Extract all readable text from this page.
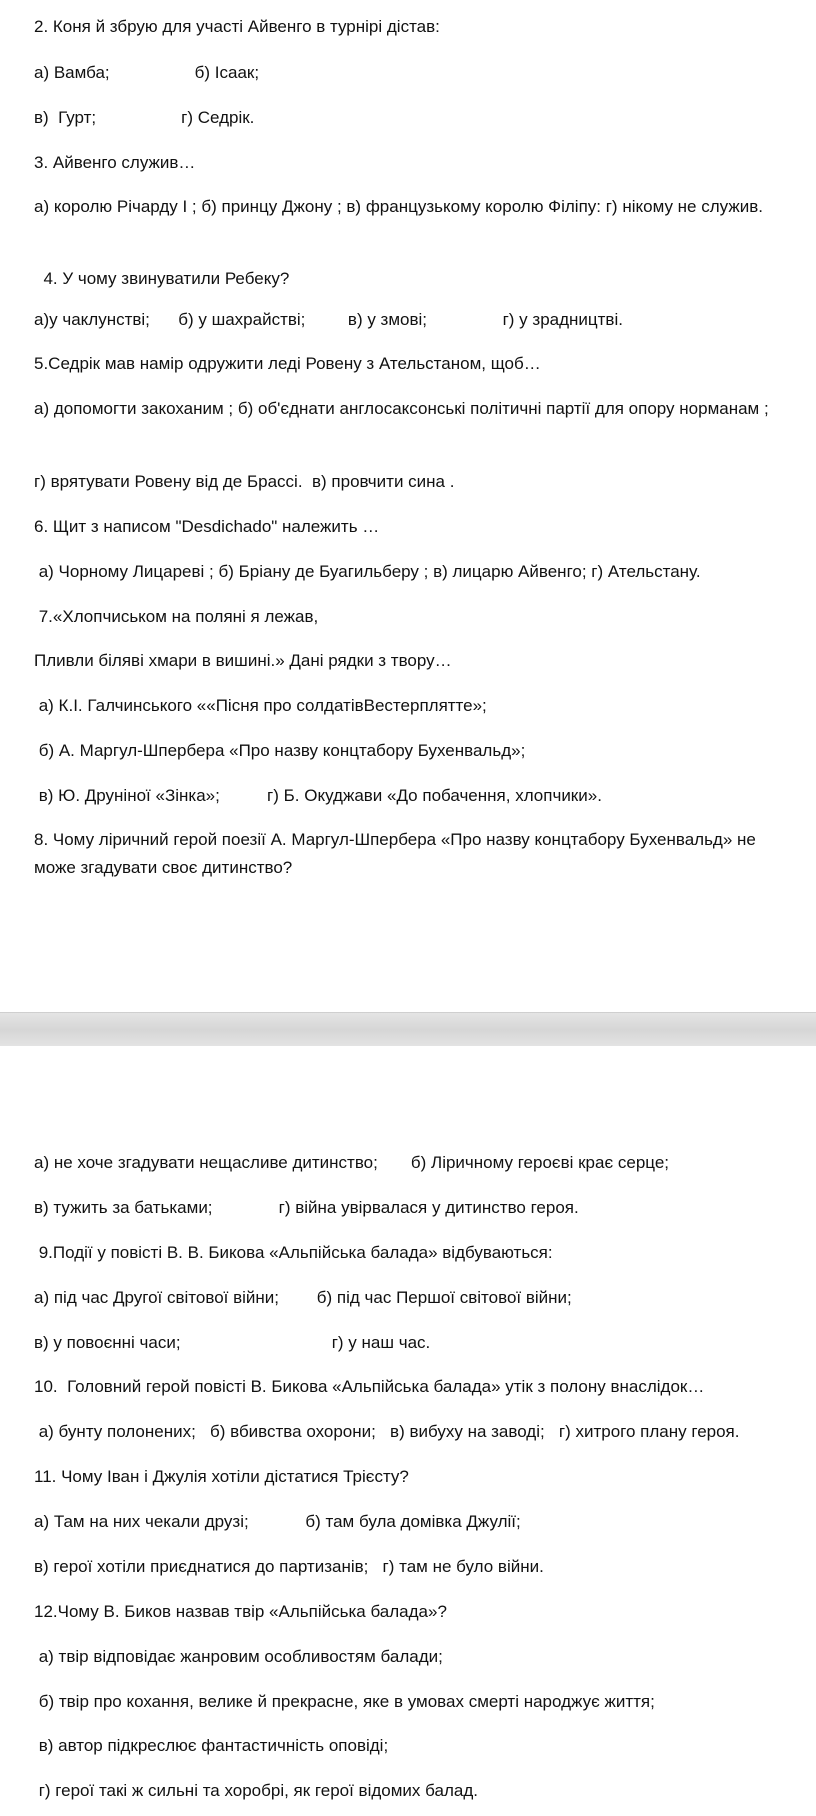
2. Коня й збрую для участі Айвенго в турнірі дістав:

а) Вамба;                  б) Ісаак;

в)  Гурт;                  г) Седрік.

3. Айвенго служив…

а) королю Річарду І ; б) принцу Джону ; в) французькому королю Філіпу: г) нікому не служив.

4. У чому звинуватили Ребеку?

а)у чаклунстві;      б) у шахрайстві;         в) у змові;                г) у зрадництві.

5.Седрік мав намір одружити леді Ровену з Ательстаном, щоб…

а) допомогти закоханим ; б) об'єднати англосаксонські політичні партії для опору норманам ;

г) врятувати Ровену від де Брассі.  в) провчити сина .

6. Щит з написом "Desdichado" належить …

а) Чорному Лицареві ; б) Бріану де Буагильберу ; в) лицарю Айвенго; г) Ательстану.

7.«Хлопчиськом на поляні я лежав,

Пливли біляві хмари в вишині.» Дані рядки з твору…

а) К.І. Галчинського ««Пісня про солдатівВестерплятте»;

б) А. Маргул-Шпербера «Про назву концтабору Бухенвальд»;

в) Ю. Друнiної «Зінка»;          г) Б. Окуджави «До побачення, хлопчики».

8. Чому ліричний герой поезії А. Маргул-Шпербера «Про назву концтабору Бухенвальд» не може згадувати своє дитинство?

а) не хоче згадувати нещасливе дитинство;       б) Ліричному героєві крає серце;

в) тужить за батьками;              г) війна увірвалася у дитинство героя.

9.Події у повісті В. В. Бикова «Альпійська балада» відбуваються:

а) під час Другої світової війни;        б) під час Першої світової війни;

в) у повоєнні часи;                                г) у наш час.

10.  Головний герой повісті В. Бикова «Альпійська балада» утік з полону внаслідок…

а) бунту полонених;   б) вбивства охорони;   в) вибуху на заводі;   г) хитрого плану героя.

11. Чому Іван і Джулія хотіли дістатися Трієсту?

а) Там на них чекали друзі;            б) там була домівка Джулії;

в) герої хотіли приєднатися до партизанів;   г) там не було війни.

12.Чому В. Биков назвав твір «Альпійська балада»?

а) твір відповідає жанровим особливостям балади;

б) твір про кохання, велике й прекрасне, яке в умовах смерті народжує життя;

в) автор підкреслює фантастичність оповіді;

г) герої такі ж сильні та хоробрі, як герої відомих балад.
